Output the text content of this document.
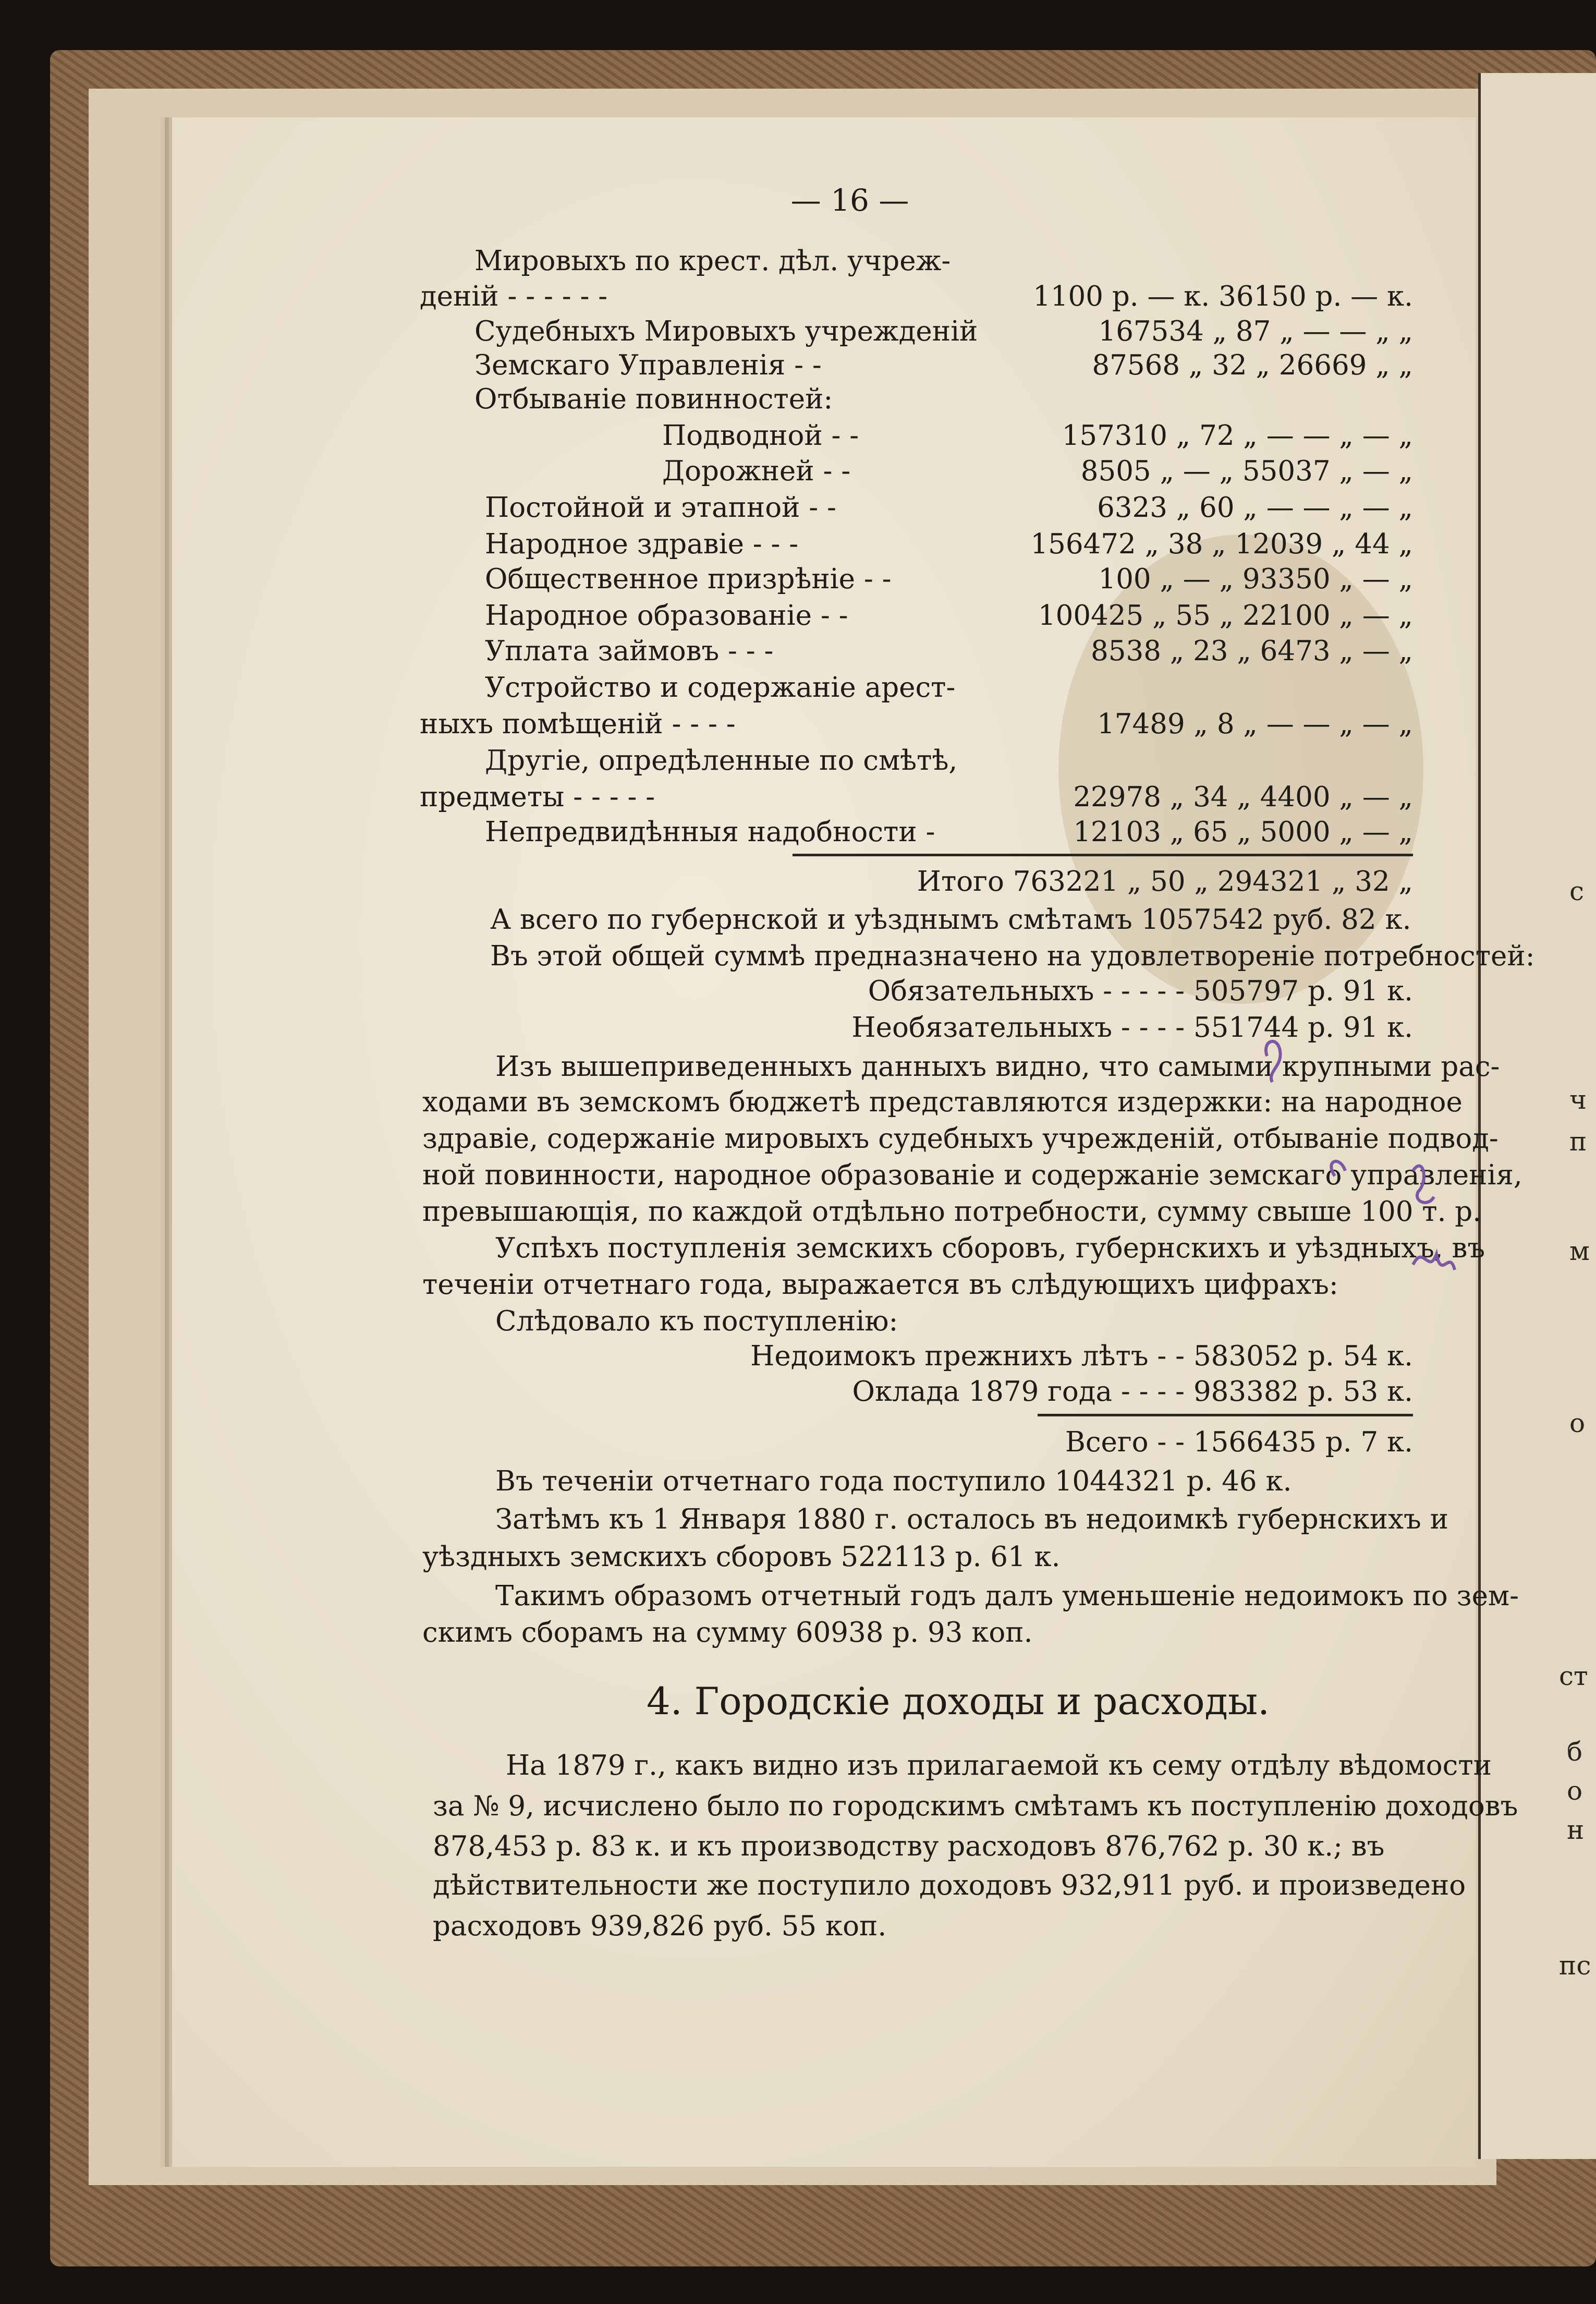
с
ч
п
м
о
ст
б
о
н
пс
— 16 —
Мировыхъ по крест. дѣл. учреж-
деній - - - - - -	1100 р. — к. 36150 р. — к.
Судебныхъ Мировыхъ учрежденій	167534 „ 87 „ — — „ „
Земскаго Управленія - -	87568 „ 32 „ 26669 „ „
Отбываніе повинностей:
Подводной - -	157310 „ 72 „ — — „ — „
Дорожней - -	8505 „ — „ 55037 „ — „
Постойной и этапной - -	6323 „ 60 „ — — „ — „
Народное здравіе - - -	156472 „ 38 „ 12039 „ 44 „
Общественное призрѣніе - -	100 „ — „ 93350 „ — „
Народное образованіе - -	100425 „ 55 „ 22100 „ — „
Уплата займовъ - - -	8538 „ 23 „ 6473 „ — „
Устройство и содержаніе арест-
ныхъ помѣщеній - - - -	17489 „ 8 „ — — „ — „
Другіе, опредѣленные по смѣтѣ,
предметы - - - - -	22978 „ 34 „ 4400 „ — „
Непредвидѣнныя надобности -	12103 „ 65 „ 5000 „ — „
Итого 763221 „ 50 „ 294321 „ 32 „
А всего по губернской и уѣзднымъ смѣтамъ 1057542 руб. 82 к.
Въ этой общей суммѣ предназначено на удовлетвореніе потребностей:
Обязательныхъ - - - - - 505797 р. 91 к.
Необязательныхъ - - - - 551744 р. 91 к.
Изъ вышеприведенныхъ данныхъ видно, что самыми крупными рас-
ходами въ земскомъ бюджетѣ представляются издержки: на народное
здравіе, содержаніе мировыхъ судебныхъ учрежденій, отбываніе подвод-
ной повинности, народное образованіе и содержаніе земскаго управленія,
превышающія, по каждой отдѣльно потребности, сумму свыше 100 т. р.
Успѣхъ поступленія земскихъ сборовъ, губернскихъ и уѣздныхъ, въ
теченіи отчетнаго года, выражается въ слѣдующихъ цифрахъ:
Слѣдовало къ поступленію:
Недоимокъ прежнихъ лѣтъ - - 583052 р. 54 к.
Оклада 1879 года - - - - 983382 р. 53 к.
Всего - - 1566435 р. 7 к.
Въ теченіи отчетнаго года поступило 1044321 р. 46 к.
Затѣмъ къ 1 Января 1880 г. осталось въ недоимкѣ губернскихъ и
уѣздныхъ земскихъ сборовъ 522113 р. 61 к.
Такимъ образомъ отчетный годъ далъ уменьшеніе недоимокъ по зем-
скимъ сборамъ на сумму 60938 р. 93 коп.
4. Городскіе доходы и расходы.
На 1879 г., какъ видно изъ прилагаемой къ сему отдѣлу вѣдомости
за № 9, исчислено было по городскимъ смѣтамъ къ поступленію доходовъ
878,453 р. 83 к. и къ производству расходовъ 876,762 р. 30 к.; въ
дѣйствительности же поступило доходовъ 932,911 руб. и произведено
расходовъ 939,826 руб. 55 коп.
